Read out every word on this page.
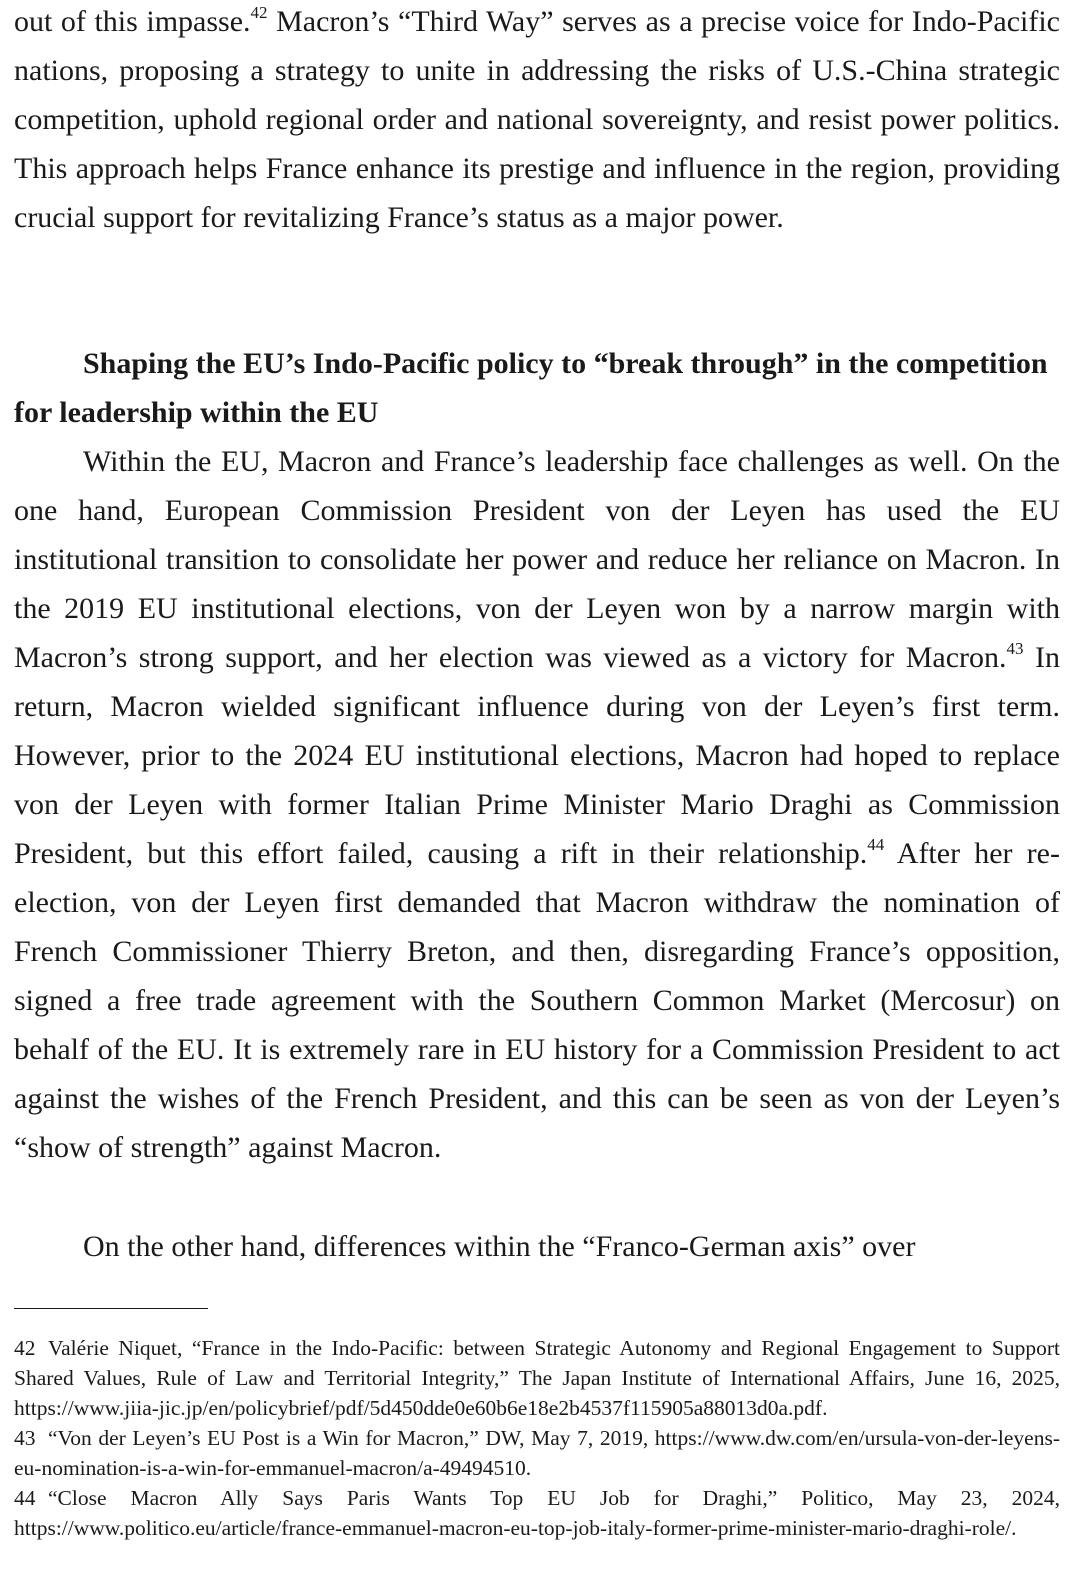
out of this impasse.$^{42}$ Macron’s “Third Way” serves as a precise voice for Indo-Pacific nations, proposing a strategy to unite in addressing the risks of U.S.-China strategic competition, uphold regional order and national sovereignty, and resist power politics. This approach helps France enhance its prestige and influence in the region, providing crucial support for revitalizing France’s status as a major power.

Shaping the EU’s Indo-Pacific policy to “break through” in the competition for leadership within the EU

Within the EU, Macron and France’s leadership face challenges as well. On the one hand, European Commission President von der Leyen has used the EU institutional transition to consolidate her power and reduce her reliance on Macron. In the 2019 EU institutional elections, von der Leyen won by a narrow margin with Macron’s strong support, and her election was viewed as a victory for Macron.$^{43}$ In return, Macron wielded significant influence during von der Leyen’s first term. However, prior to the 2024 EU institutional elections, Macron had hoped to replace von der Leyen with former Italian Prime Minister Mario Draghi as Commission President, but this effort failed, causing a rift in their relationship.$^{44}$ After her re-election, von der Leyen first demanded that Macron withdraw the nomination of French Commissioner Thierry Breton, and then, disregarding France’s opposition, signed a free trade agreement with the Southern Common Market (Mercosur) on behalf of the EU. It is extremely rare in EU history for a Commission President to act against the wishes of the French President, and this can be seen as von der Leyen’s “show of strength” against Macron.

On the other hand, differences within the “Franco-German axis” over

42 Valérie Niquet, “France in the Indo-Pacific: between Strategic Autonomy and Regional Engagement to Support Shared Values, Rule of Law and Territorial Integrity,” The Japan Institute of International Affairs, June 16, 2025, https://www.jiia-jic.jp/en/policybrief/pdf/5d450dde0e60b6e18e2b4537f115905a88013d0a.pdf.

43 “Von der Leyen’s EU Post is a Win for Macron,” DW, May 7, 2019, https://www.dw.com/en/ursula-von-der-leyens-eu-nomination-is-a-win-for-emmanuel-macron/a-49494510.

44 “Close Macron Ally Says Paris Wants Top EU Job for Draghi,” Politico, May 23, 2024, https://www.politico.eu/article/france-emmanuel-macron-eu-top-job-italy-former-prime-minister-mario-draghi-role/.
